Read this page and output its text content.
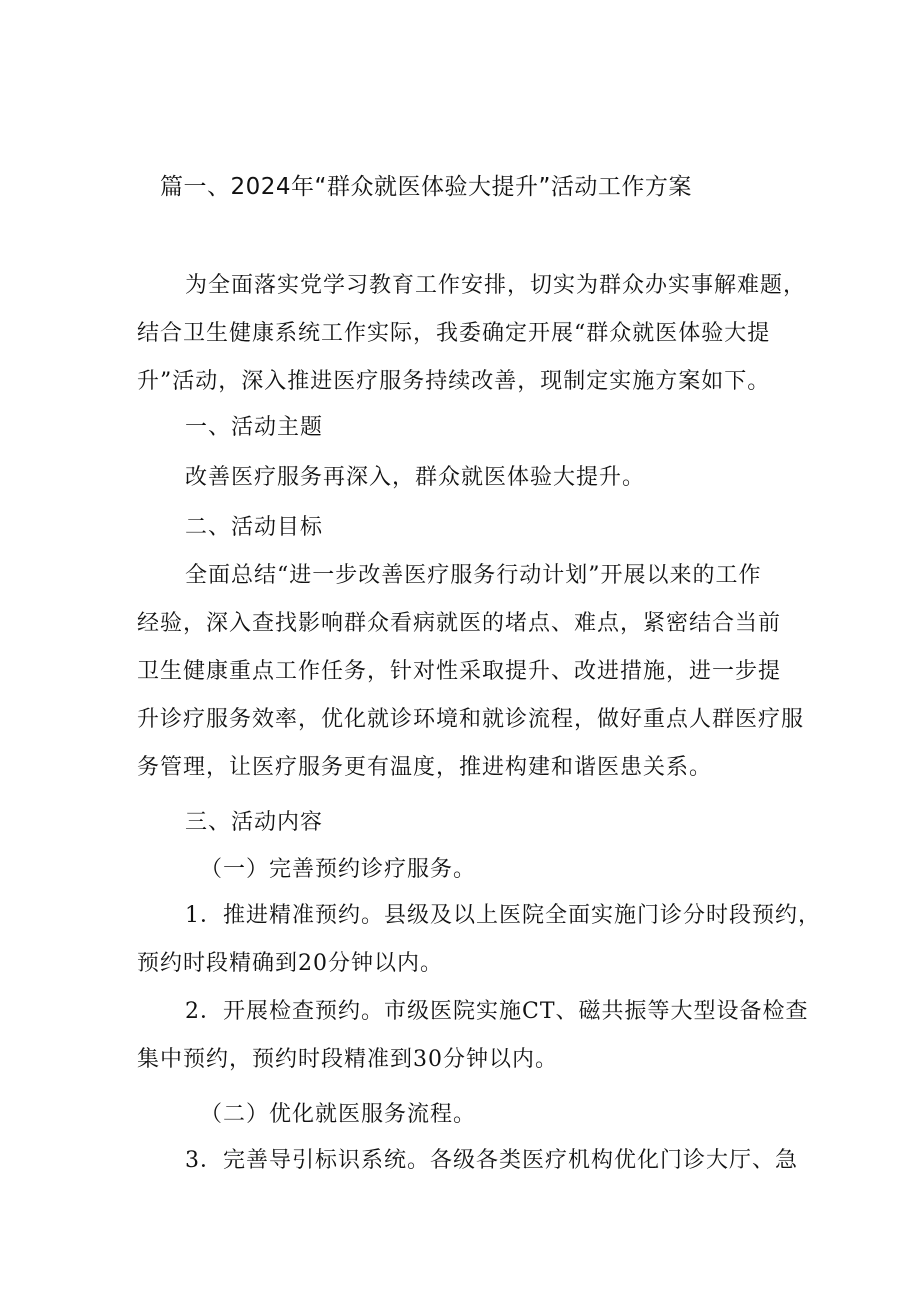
篇一、2024年“群众就医体验大提升”活动工作方案
为全面落实党学习教育工作安排，切实为群众办实事解难题，
结合卫生健康系统工作实际，我委确定开展“群众就医体验大提
升”活动，深入推进医疗服务持续改善，现制定实施方案如下。
一、活动主题
改善医疗服务再深入，群众就医体验大提升。
二、活动目标
全面总结“进一步改善医疗服务行动计划”开展以来的工作
经验，深入查找影响群众看病就医的堵点、难点，紧密结合当前
卫生健康重点工作任务，针对性采取提升、改进措施，进一步提
升诊疗服务效率，优化就诊环境和就诊流程，做好重点人群医疗服
务管理，让医疗服务更有温度，推进构建和谐医患关系。
三、活动内容
（一）完善预约诊疗服务。
1．推进精准预约。县级及以上医院全面实施门诊分时段预约，
预约时段精确到20分钟以内。
2．开展检查预约。市级医院实施CT、磁共振等大型设备检查
集中预约，预约时段精准到30分钟以内。
（二）优化就医服务流程。
3．完善导引标识系统。各级各类医疗机构优化门诊大厅、急
